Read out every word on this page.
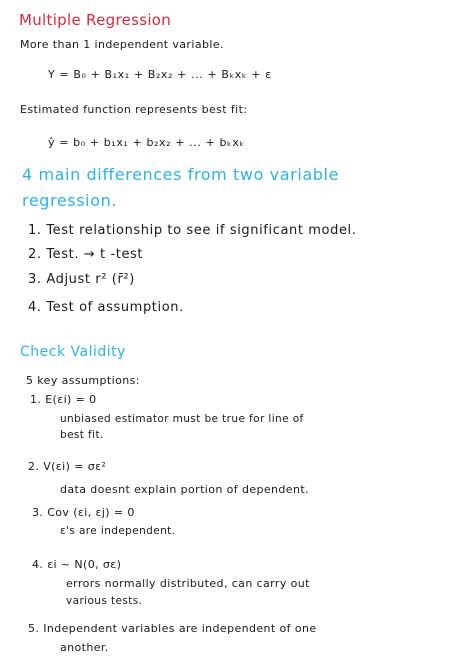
Multiple Regression
More than 1 independent variable.
Y = B₀ + B₁x₁ + B₂x₂ + ... + Bₖxₖ + ε
Estimated function represents best fit:
ŷ = b₀ + b₁x₁ + b₂x₂ + ... + bₖxₖ
4 main differences from two variable
regression.
1. Test relationship to see if significant model.
2. Test. → t -test
3. Adjust r² (r̄²)
4. Test of assumption.
Check Validity
5 key assumptions:
1. E(εi) = 0
unbiased estimator must be true for line of
best fit.
2. V(εi) = σε²
data doesnt explain portion of dependent.
3. Cov (εi, εj) = 0
ε's are independent.
4. εi ~ N(0, σε)
errors normally distributed, can carry out
various tests.
5. Independent variables are independent of one
another.
